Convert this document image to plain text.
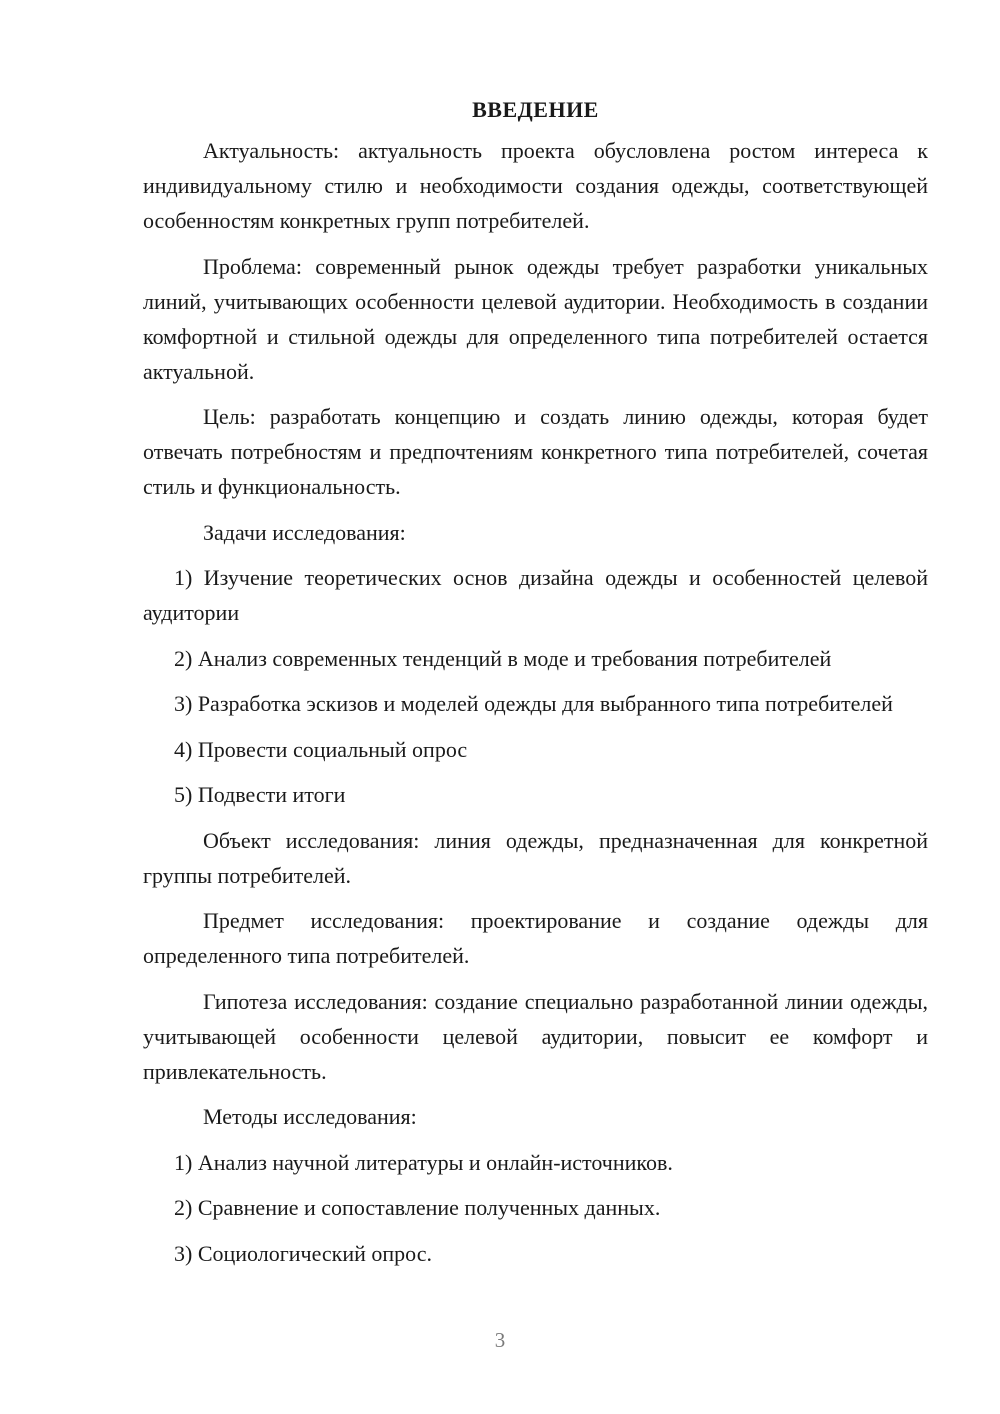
ВВЕДЕНИЕ

Актуальность: актуальность проекта обусловлена ростом интереса к индивидуальному стилю и необходимости создания одежды, соответствующей особенностям конкретных групп потребителей.

Проблема: современный рынок одежды требует разработки уникальных линий, учитывающих особенности целевой аудитории. Необходимость в создании комфортной и стильной одежды для определенного типа потребителей остается актуальной.

Цель: разработать концепцию и создать линию одежды, которая будет отвечать потребностям и предпочтениям конкретного типа потребителей, сочетая стиль и функциональность.

Задачи исследования:

1) Изучение теоретических основ дизайна одежды и особенностей целевой аудитории

2) Анализ современных тенденций в моде и требования потребителей

3) Разработка эскизов и моделей одежды для выбранного типа потребителей

4) Провести социальный опрос

5) Подвести итоги

Объект исследования: линия одежды, предназначенная для конкретной группы потребителей.

Предмет исследования: проектирование и создание одежды для определенного типа потребителей.

Гипотеза исследования: создание специально разработанной линии одежды, учитывающей особенности целевой аудитории, повысит ее комфорт и привлекательность.

Методы исследования:

1) Анализ научной литературы и онлайн-источников.

2) Сравнение и сопоставление полученных данных.

3) Социологический опрос.

3
